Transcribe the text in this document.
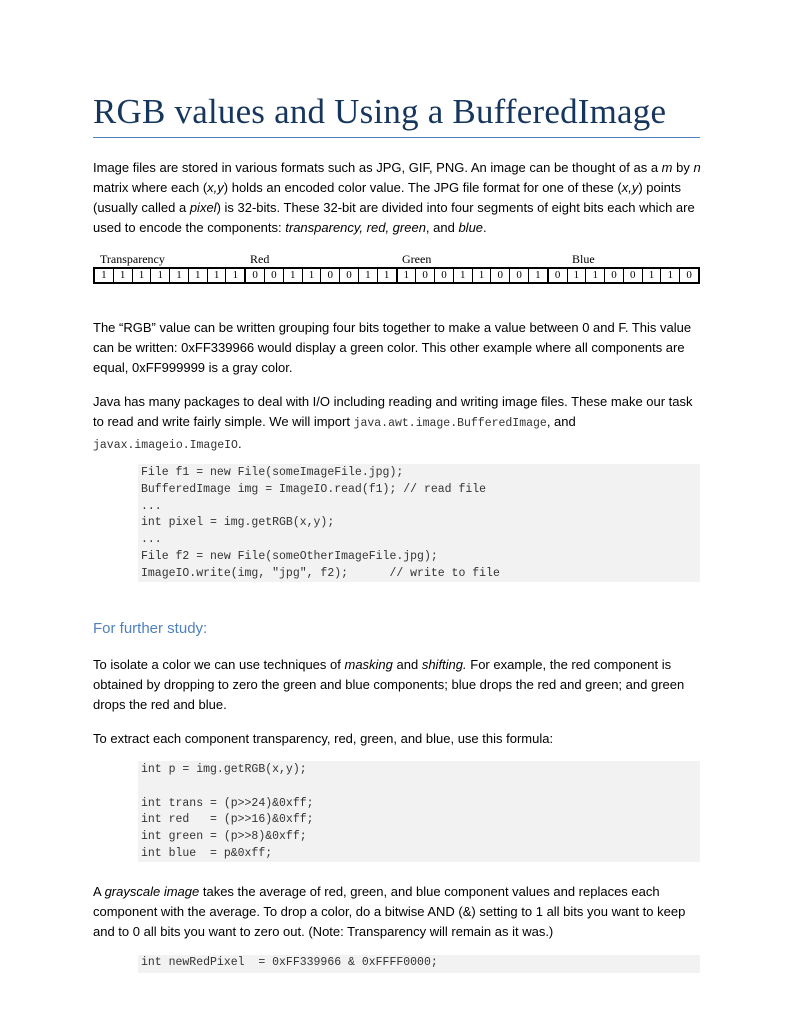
RGB values and Using a BufferedImage

Image files are stored in various formats such as JPG, GIF, PNG. An image can be thought of as a m by n matrix where each (x,y) holds an encoded color value. The JPG file format for one of these (x,y) points (usually called a pixel) is 32-bits. These 32-bit are divided into four segments of eight bits each which are used to encode the components: transparency, red, green, and blue.

Transparency	Red	Green	Blue
1	1	1	1	1	1	1	1	0	0	1	1	0	0	1	1	1	0	0	1	1	0	0	1	0	1	1	0	0	1	1	0

The “RGB” value can be written grouping four bits together to make a value between 0 and F. This value can be written: 0xFF339966 would display a green color. This other example where all components are equal, 0xFF999999 is a gray color.

Java has many packages to deal with I/O including reading and writing image files. These make our task to read and write fairly simple. We will import java.awt.image.BufferedImage, and javax.imageio.ImageIO.

File f1 = new File(someImageFile.jpg);
BufferedImage img = ImageIO.read(f1); // read file
...
int pixel = img.getRGB(x,y);
...
File f2 = new File(someOtherImageFile.jpg);
ImageIO.write(img, "jpg", f2);      // write to file
For further study:

To isolate a color we can use techniques of masking and shifting. For example, the red component is obtained by dropping to zero the green and blue components; blue drops the red and green; and green drops the red and blue.

To extract each component transparency, red, green, and blue, use this formula:

int p = img.getRGB(x,y);
int trans = (p>>24)&0xff;
int red   = (p>>16)&0xff;
int green = (p>>8)&0xff;
int blue  = p&0xff;

A grayscale image takes the average of red, green, and blue component values and replaces each component with the average. To drop a color, do a bitwise AND (&) setting to 1 all bits you want to keep and to 0 all bits you want to zero out. (Note: Transparency will remain as it was.)

int newRedPixel  = 0xFF339966 & 0xFFFF0000;
